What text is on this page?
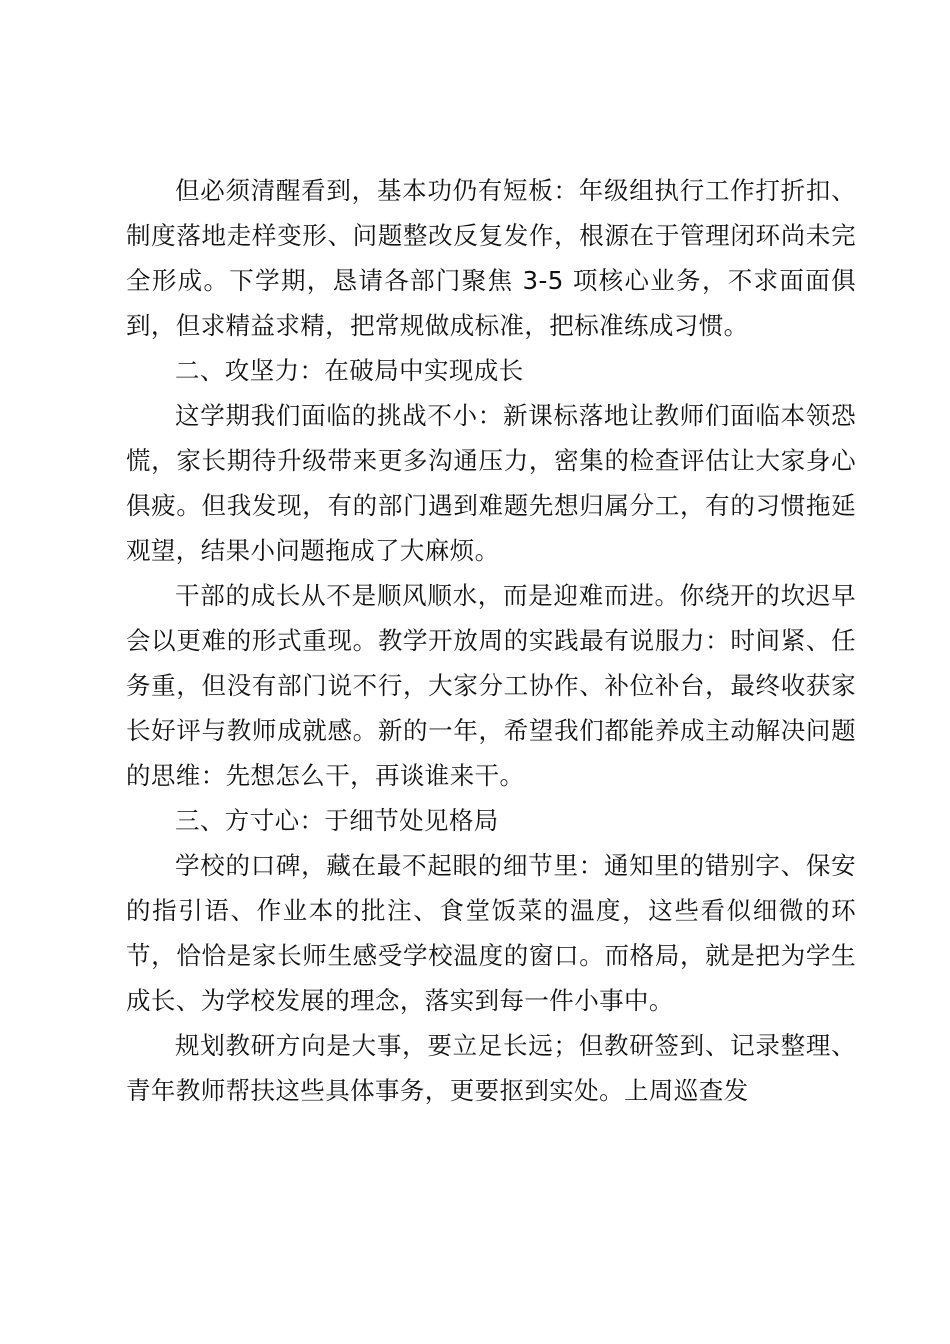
但必须清醒看到，基本功仍有短板：年级组执行工作打折扣、制度落地走样变形、问题整改反复发作，根源在于管理闭环尚未完全形成。下学期，恳请各部门聚焦 3-5 项核心业务，不求面面俱到，但求精益求精，把常规做成标准，把标准练成习惯。

二、攻坚力：在破局中实现成长

这学期我们面临的挑战不小：新课标落地让教师们面临本领恐慌，家长期待升级带来更多沟通压力，密集的检查评估让大家身心俱疲。但我发现，有的部门遇到难题先想归属分工，有的习惯拖延观望，结果小问题拖成了大麻烦。

干部的成长从不是顺风顺水，而是迎难而进。你绕开的坎迟早会以更难的形式重现。教学开放周的实践最有说服力：时间紧、任务重，但没有部门说不行，大家分工协作、补位补台，最终收获家长好评与教师成就感。新的一年，希望我们都能养成主动解决问题的思维：先想怎么干，再谈谁来干。

三、方寸心：于细节处见格局

学校的口碑，藏在最不起眼的细节里：通知里的错别字、保安的指引语、作业本的批注、食堂饭菜的温度，这些看似细微的环节，恰恰是家长师生感受学校温度的窗口。而格局，就是把为学生成长、为学校发展的理念，落实到每一件小事中。

规划教研方向是大事，要立足长远；但教研签到、记录整理、青年教师帮扶这些具体事务，更要抠到实处。上周巡查发
